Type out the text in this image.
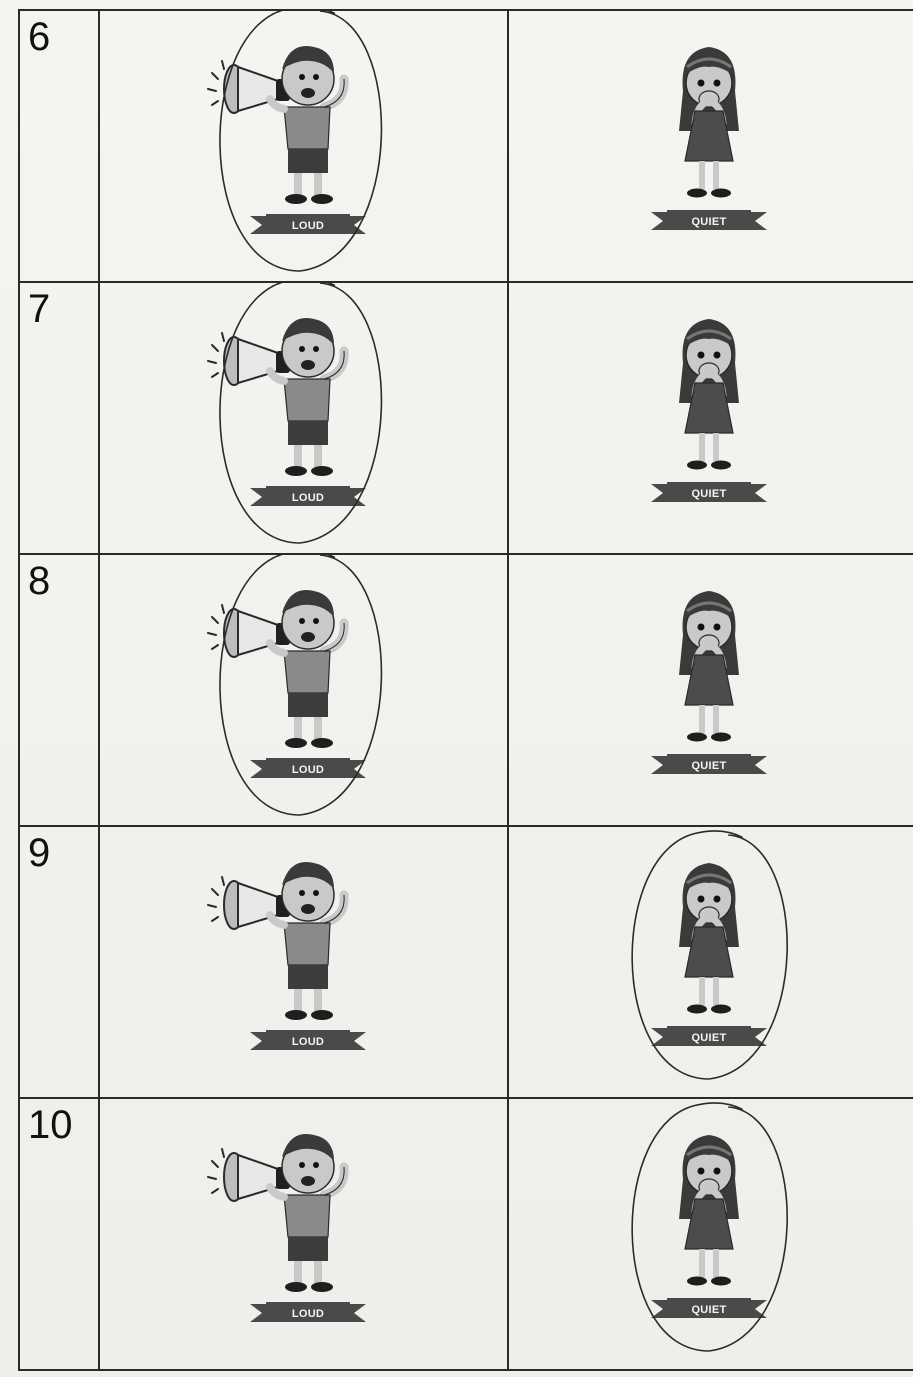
6	LOUD	QUIET

7	LOUD	QUIET

8	LOUD	QUIET

9	LOUD	QUIET

10	LOUD	QUIET
